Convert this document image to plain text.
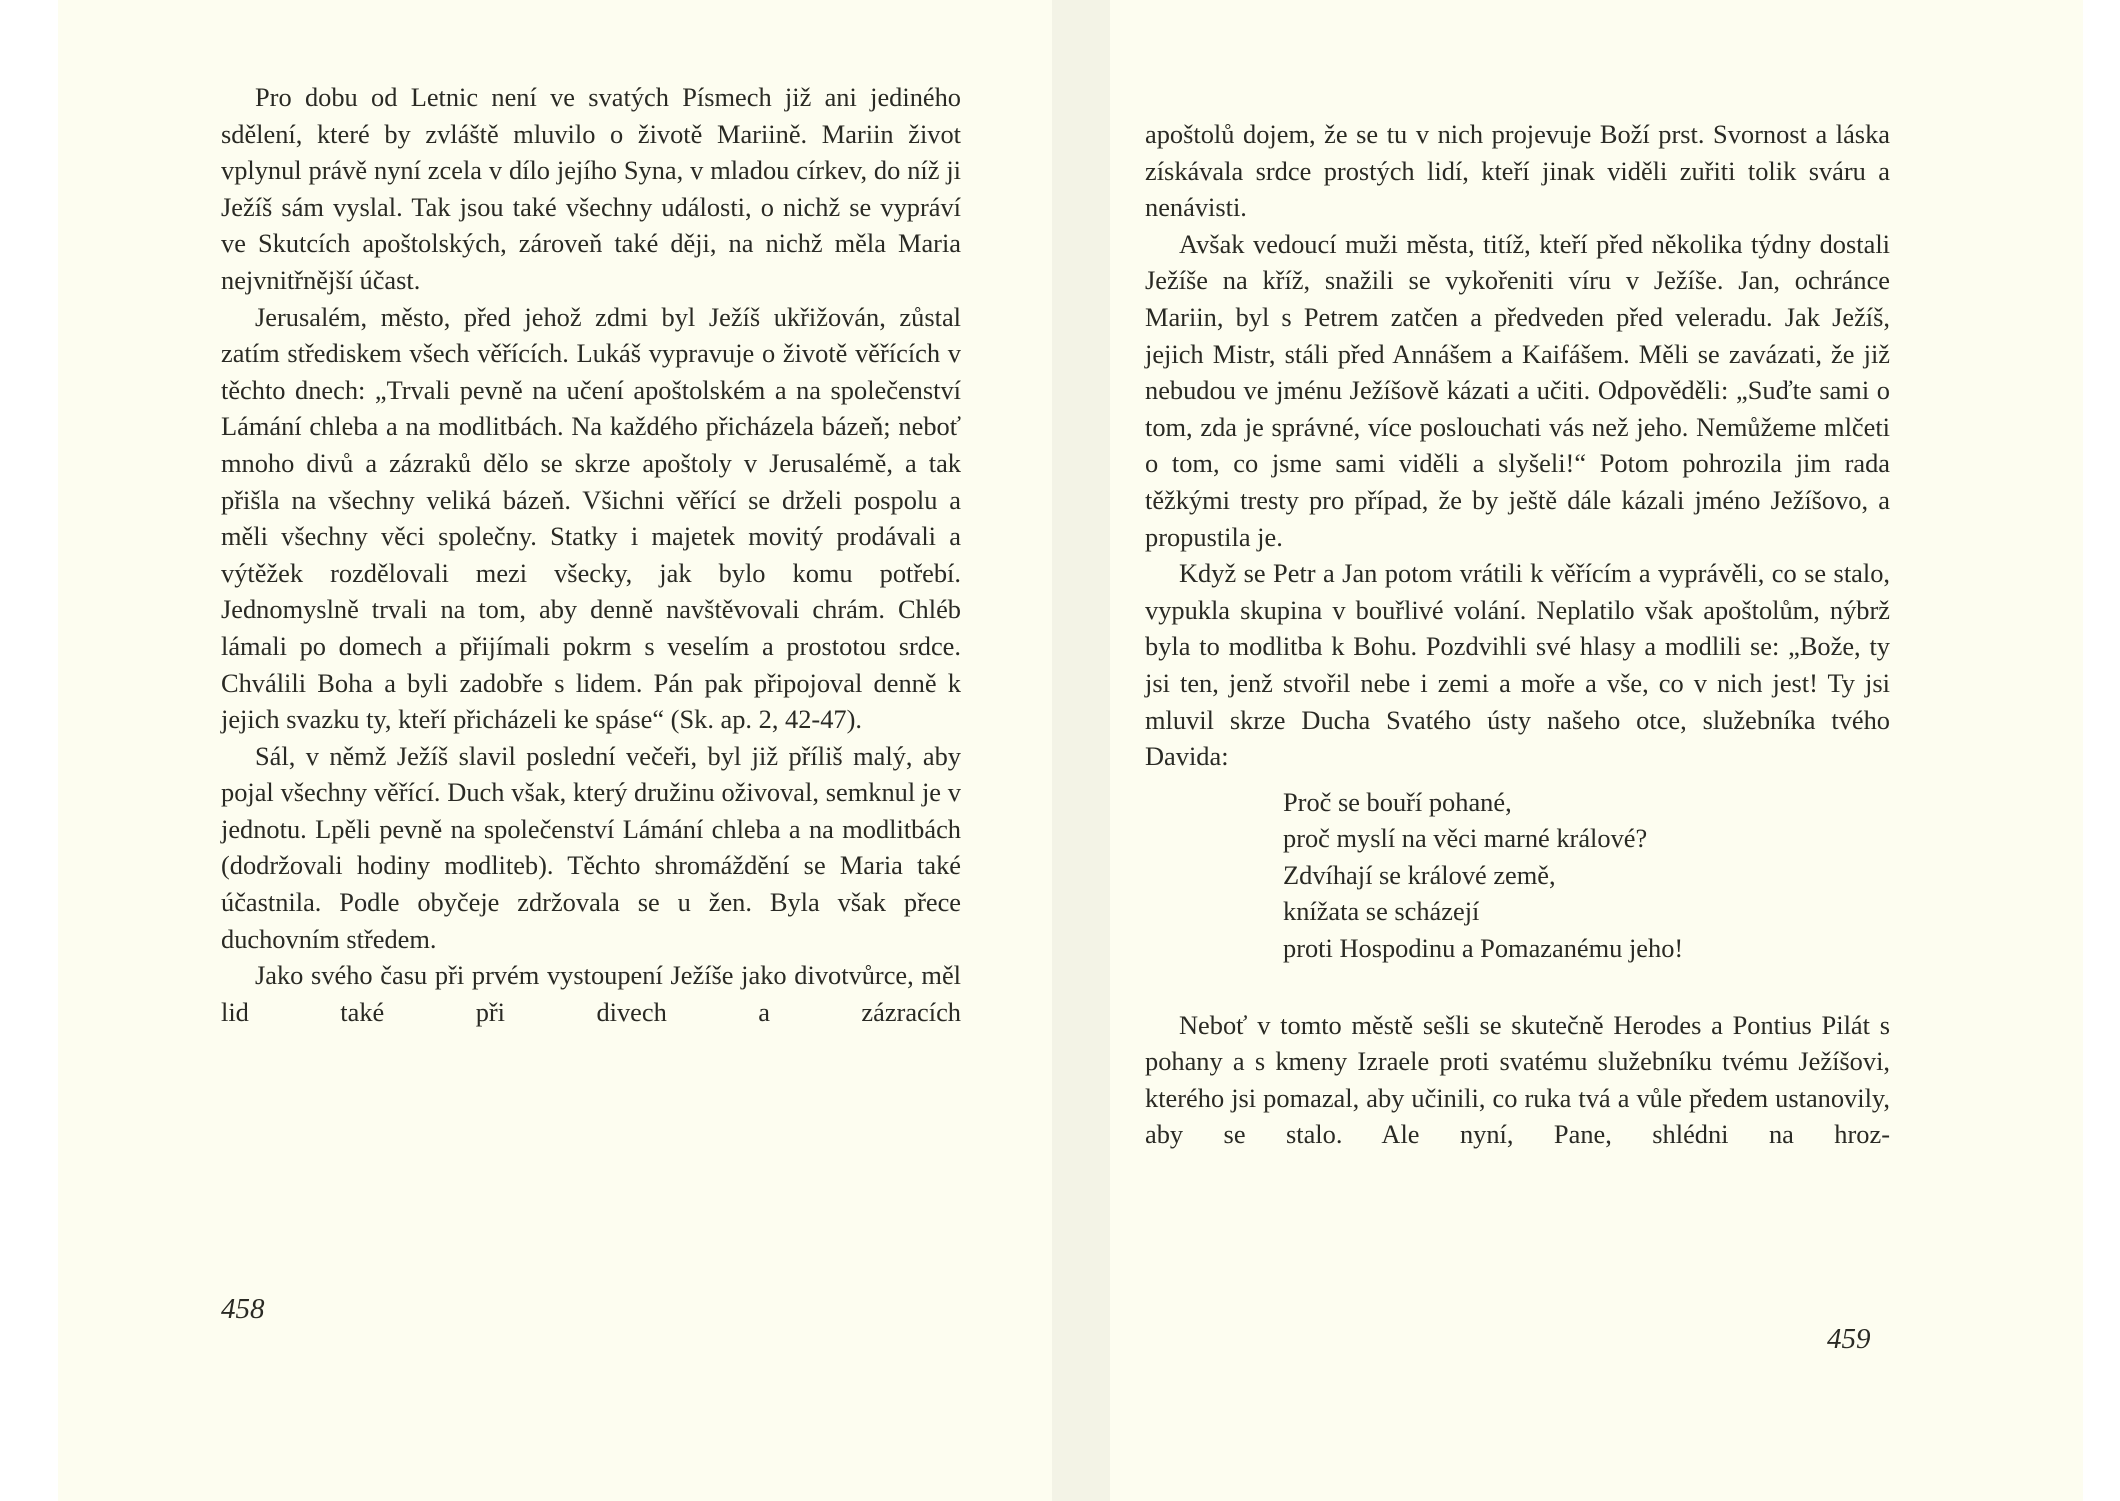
Pro dobu od Letnic není ve svatých Písmech již ani jediného sdělení, které by zvláště mluvilo o životě Mariině. Mariin život vplynul právě nyní zcela v dílo jejího Syna, v mladou církev, do níž ji Ježíš sám vyslal. Tak jsou také všechny události, o nichž se vypráví ve Skutcích apoštolských, zároveň také ději, na nichž měla Maria nejvnitřnější účast.

Jerusalém, město, před jehož zdmi byl Ježíš ukřižován, zůstal zatím střediskem všech věřících. Lukáš vypravuje o životě věřících v těchto dnech: „Trvali pevně na učení apoštolském a na společenství Lámání chleba a na modlitbách. Na každého přicházela bázeň; neboť mnoho divů a zázraků dělo se skrze apoštoly v Jerusalémě, a tak přišla na všechny veliká bázeň. Všichni věřící se drželi pospolu a měli všechny věci společny. Statky i majetek movitý prodávali a výtěžek rozdělovali mezi všecky, jak bylo komu potřebí. Jednomyslně trvali na tom, aby denně navštěvovali chrám. Chléb lámali po domech a přijímali pokrm s veselím a prostotou srdce. Chválili Boha a byli zadobře s lidem. Pán pak připojoval denně k jejich svazku ty, kteří přicházeli ke spáse“ (Sk. ap. 2, 42-47).

Sál, v němž Ježíš slavil poslední večeři, byl již příliš malý, aby pojal všechny věřící. Duch však, který družinu oživoval, semknul je v jednotu. Lpěli pevně na společenství Lámání chleba a na modlitbách (dodržovali hodiny modliteb). Těchto shromáždění se Maria také účastnila. Podle obyčeje zdržovala se u žen. Byla však přece duchovním středem.

Jako svého času při prvém vystoupení Ježíše jako divotvůrce, měl lid také při divech a zázracích

458

apoštolů dojem, že se tu v nich projevuje Boží prst. Svornost a láska získávala srdce prostých lidí, kteří jinak viděli zuřiti tolik sváru a nenávisti.

Avšak vedoucí muži města, titíž, kteří před několika týdny dostali Ježíše na kříž, snažili se vykořeniti víru v Ježíše. Jan, ochránce Mariin, byl s Petrem zatčen a předveden před veleradu. Jak Ježíš, jejich Mistr, stáli před Annášem a Kaifášem. Měli se zavázati, že již nebudou ve jménu Ježíšově kázati a učiti. Odpověděli: „Suďte sami o tom, zda je správné, více poslouchati vás než jeho. Nemůžeme mlčeti o tom, co jsme sami viděli a slyšeli!“ Potom pohrozila jim rada těžkými tresty pro případ, že by ještě dále kázali jméno Ježíšovo, a propustila je.

Když se Petr a Jan potom vrátili k věřícím a vyprávěli, co se stalo, vypukla skupina v bouřlivé volání. Neplatilo však apoštolům, nýbrž byla to modlitba k Bohu. Pozdvihli své hlasy a modlili se: „Bože, ty jsi ten, jenž stvořil nebe i zemi a moře a vše, co v nich jest! Ty jsi mluvil skrze Ducha Svatého ústy našeho otce, služebníka tvého Davida:

Proč se bouří pohané,
proč myslí na věci marné králové?
Zdvíhají se králové země,
knížata se scházejí
proti Hospodinu a Pomazanému jeho!

Neboť v tomto městě sešli se skutečně Herodes a Pontius Pilát s pohany a s kmeny Izraele proti svatému služebníku tvému Ježíšovi, kterého jsi pomazal, aby učinili, co ruka tvá a vůle předem ustanovily, aby se stalo. Ale nyní, Pane, shlédni na hroz-

459
